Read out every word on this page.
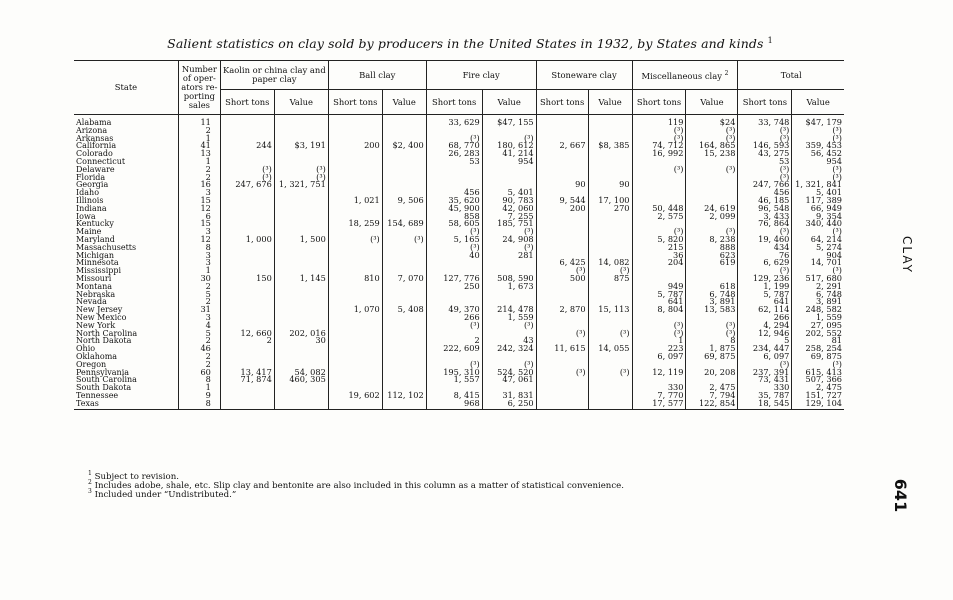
Salient statistics on clay sold by producers in the United States in 1932, by States and kinds $^1$
State	Number of oper-ators re-porting sales	Kaolin or china clay and paper clay		Ball clay		Fire clay		Stoneware clay		Miscellaneous clay $^2$		Total	
		Short tons	Value	Short tons	Value	Short tons	Value	Short tons	Value	Short tons	Value	Short tons	Value
Alabama	11					33, 629	$47, 155			119	$24	33, 748	$47, 179
Arizona	2									(³)	(³)	(³)	(³)
Arkansas	1					(³)	(³)			(³)	(³)	(³)	(³)
California	41	244	$3, 191	200	$2, 400	68, 770	180, 612	2, 667	$8, 385	74, 712	164, 865	146, 593	359, 453
Colorado	13					26, 283	41, 214			16, 992	15, 238	43, 275	56, 452
Connecticut	1					53	954					53	954
Delaware	2	(³)	(³)							(³)	(³)	(³)	(³)
Florida	2	(³)	(³)									(³)	(³)
Georgia	16	247, 676	1, 321, 751					90	90			247, 766	1, 321, 841
Idaho	3					456	5, 401					456	5, 401
Illinois	15			1, 021	9, 506	35, 620	90, 783	9, 544	17, 100			46, 185	117, 389
Indiana	12					45, 900	42, 060	200	270	50, 448	24, 619	96, 548	66, 949
Iowa	6					858	7, 255			2, 575	2, 099	3, 433	9, 354
Kentucky	15			18, 259	154, 689	58, 605	185, 751					76, 864	340, 440
Maine	3					(³)	(³)			(³)	(³)	(³)	(³)
Maryland	12	1, 000	1, 500	(³)	(³)	5, 165	24, 908			5, 820	8, 238	19, 460	64, 214
Massachusetts	8					(³)	(³)			215	888	434	5, 274
Michigan	3					40	281			36	623	76	904
Minnesota	3							6, 425	14, 082	204	619	6, 629	14, 701
Mississippi	1							(³)	(³)			(³)	(³)
Missouri	30	150	1, 145	810	7, 070	127, 776	508, 590	500	875			129, 236	517, 680
Montana	2					250	1, 673			949	618	1, 199	2, 291
Nebraska	5									5, 787	6, 748	5, 787	6, 748
Nevada	2									641	3, 891	641	3, 891
New Jersey	31			1, 070	5, 408	49, 370	214, 478	2, 870	15, 113	8, 804	13, 583	62, 114	248, 582
New Mexico	3					266	1, 559					266	1, 559
New York	4					(³)	(³)			(³)	(³)	4, 294	27, 095
North Carolina	5	12, 660	202, 016					(³)	(³)	(³)	(³)	12, 946	202, 552
North Dakota	2	2	30			2	43			1	8	5	81
Ohio	46					222, 609	242, 324	11, 615	14, 055	223	1, 875	234, 447	258, 254
Oklahoma	2									6, 097	69, 875	6, 097	69, 875
Oregon	2					(³)	(³)					(³)	(³)
Pennsylvania	60	13, 417	54, 082			195, 310	524, 520	(³)	(³)	12, 119	20, 208	237, 391	615, 413
South Carolina	8	71, 874	460, 305			1, 557	47, 061					73, 431	507, 366
South Dakota	1									330	2, 475	330	2, 475
Tennessee	9			19, 602	112, 102	8, 415	31, 831			7, 770	7, 794	35, 787	151, 727
Texas	8					968	6, 250			17, 577	122, 854	18, 545	129, 104
$^1$ Subject to revision.
$^2$ Includes adobe, shale, etc. Slip clay and bentonite are also included in this column as a matter of statistical convenience.
$^3$ Included under “Undistributed.”
CLAY
641
